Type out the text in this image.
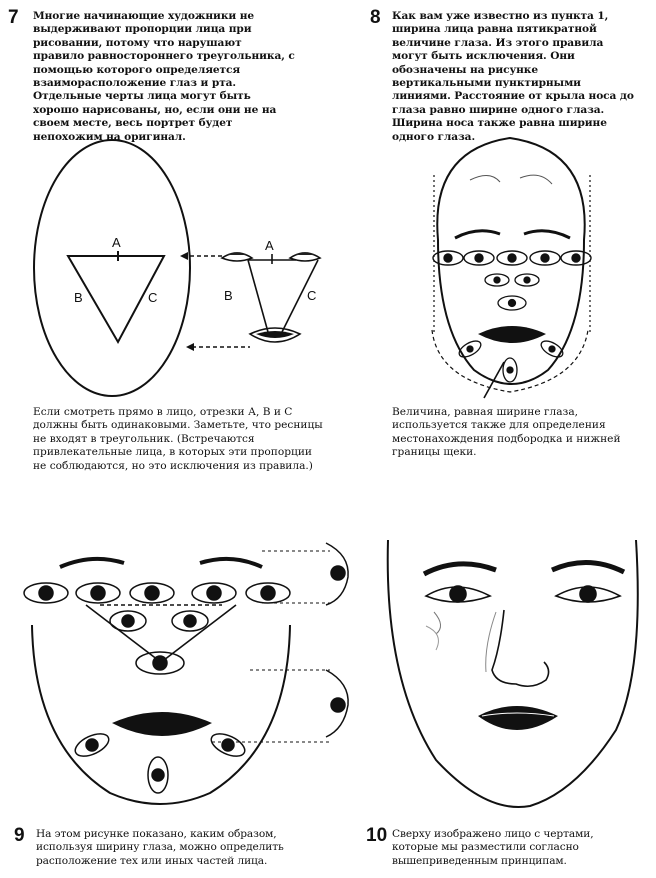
7 Многие начинающие художники не выдерживают пропорции лица при рисовании, потому что нарушают правило равностороннего треугольника, с помощью которого определяется взаиморасположение глаз и рта. Отдельные черты лица могут быть хорошо нарисованы, но, если они не на своем месте, весь портрет будет непохожим на оригинал.
A
B	C
A
B	C
Если смотреть прямо в лицо, отрезки А, В и С должны быть одинаковыми. Заметьте, что ресницы не входят в треугольник. (Встречаются привлекательные лица, в которых эти пропорции не соблюдаются, но это исключения из правила.)
8 Как вам уже известно из пункта 1, ширина лица равна пятикратной величине глаза. Из этого правила могут быть исключения. Они обозначены на рисунке вертикальными пунктирными линиями. Расстояние от крыла носа до глаза равно ширине одного глаза. Ширина носа также равна ширине одного глаза.
Величина, равная ширине глаза, используется также для определения местонахождения подбородка и нижней границы щеки.
9 На этом рисунке показано, каким образом, используя ширину глаза, можно определить расположение тех или иных частей лица.
10 Сверху изображено лицо с чертами, которые мы разместили согласно вышеприведенным принципам.
